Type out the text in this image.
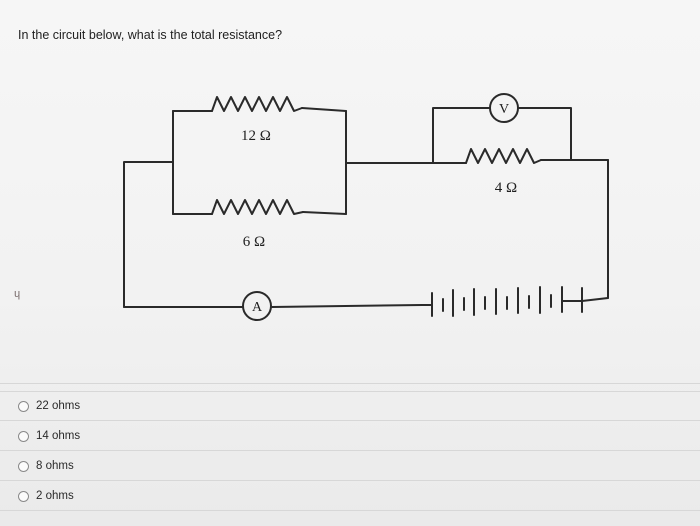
In the circuit below, what is the total resistance?
12 Ω
6 Ω
4 Ω
V
A
ɥ
22 ohms
14 ohms
8 ohms
2 ohms
